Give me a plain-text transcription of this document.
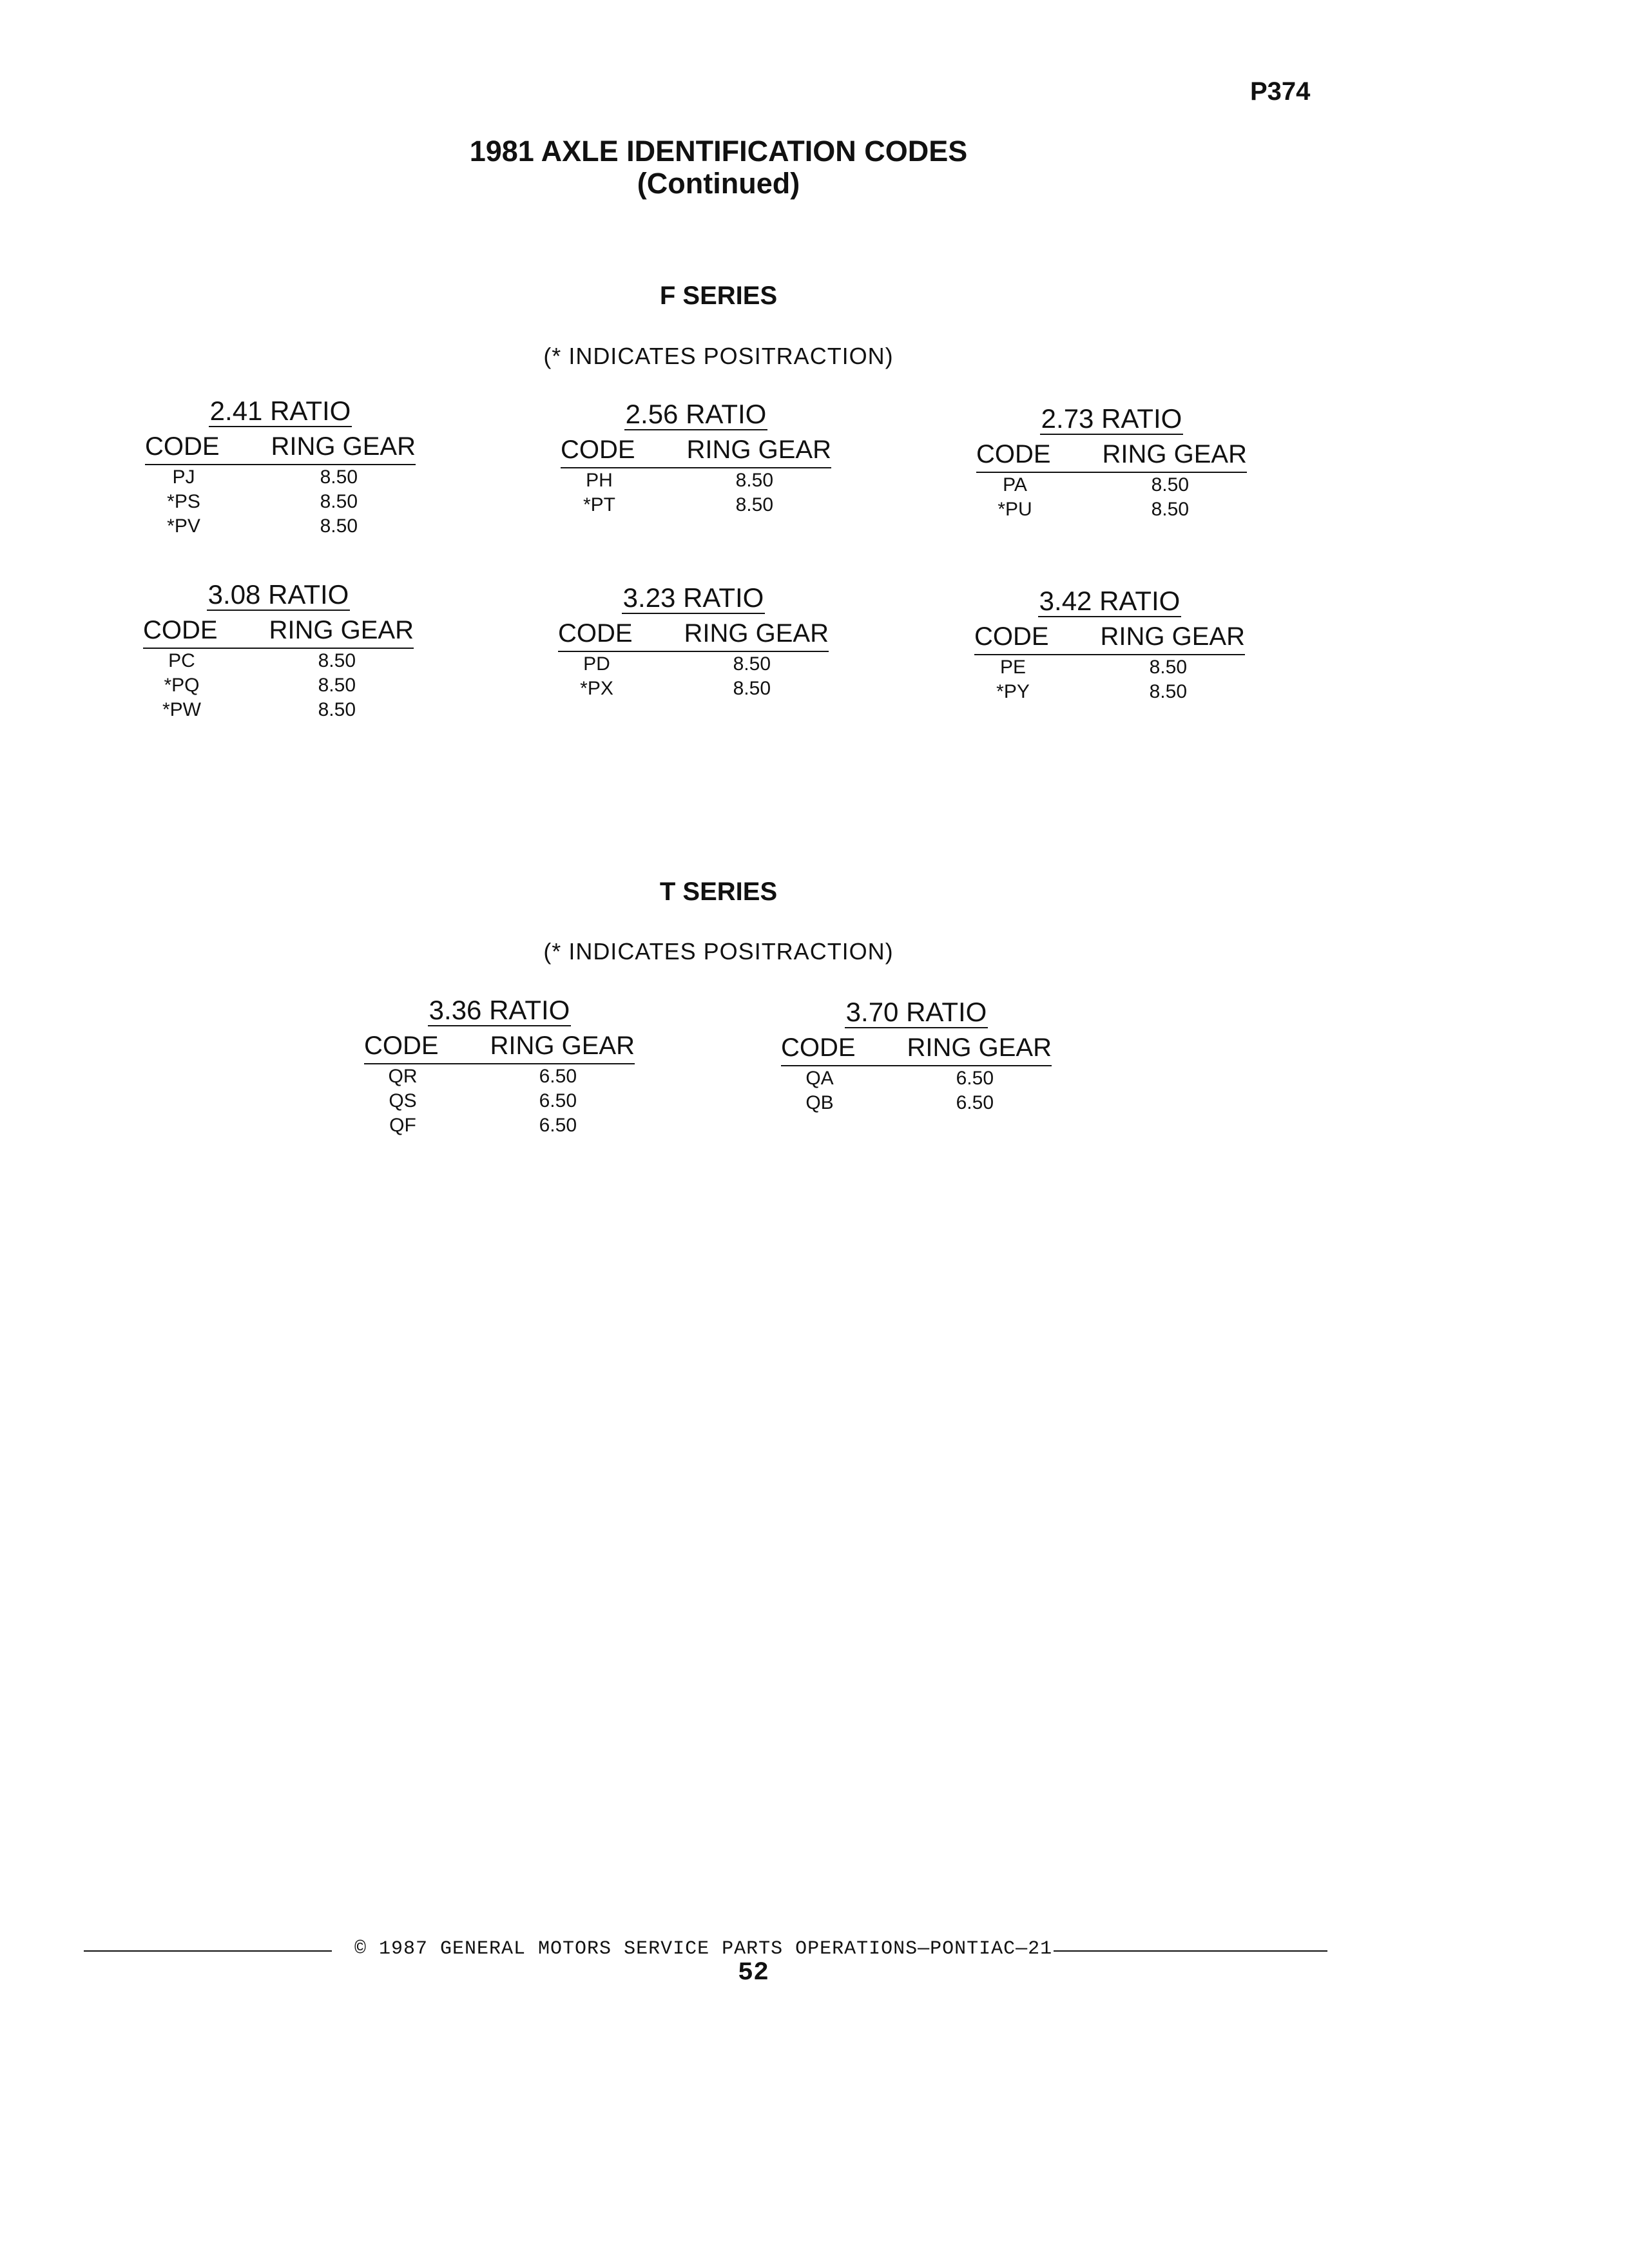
P374
1981 AXLE IDENTIFICATION CODES
(Continued)
F SERIES
(* INDICATES POSITRACTION)
2.41 RATIO
CODE RING GEAR
PJ	8.50
*PS	8.50
*PV	8.50
2.56 RATIO
CODE RING GEAR
PH	8.50
*PT	8.50
2.73 RATIO
CODE RING GEAR
PA	8.50
*PU	8.50
3.08 RATIO
CODE RING GEAR
PC	8.50
*PQ	8.50
*PW	8.50
3.23 RATIO
CODE RING GEAR
PD	8.50
*PX	8.50
3.42 RATIO
CODE RING GEAR
PE	8.50
*PY	8.50
T SERIES
(* INDICATES POSITRACTION)
3.36 RATIO
CODE RING GEAR
QR	6.50
QS	6.50
QF	6.50
3.70 RATIO
CODE RING GEAR
QA	6.50
QB	6.50
© 1987 GENERAL MOTORS SERVICE PARTS OPERATIONS—PONTIAC—21
52
